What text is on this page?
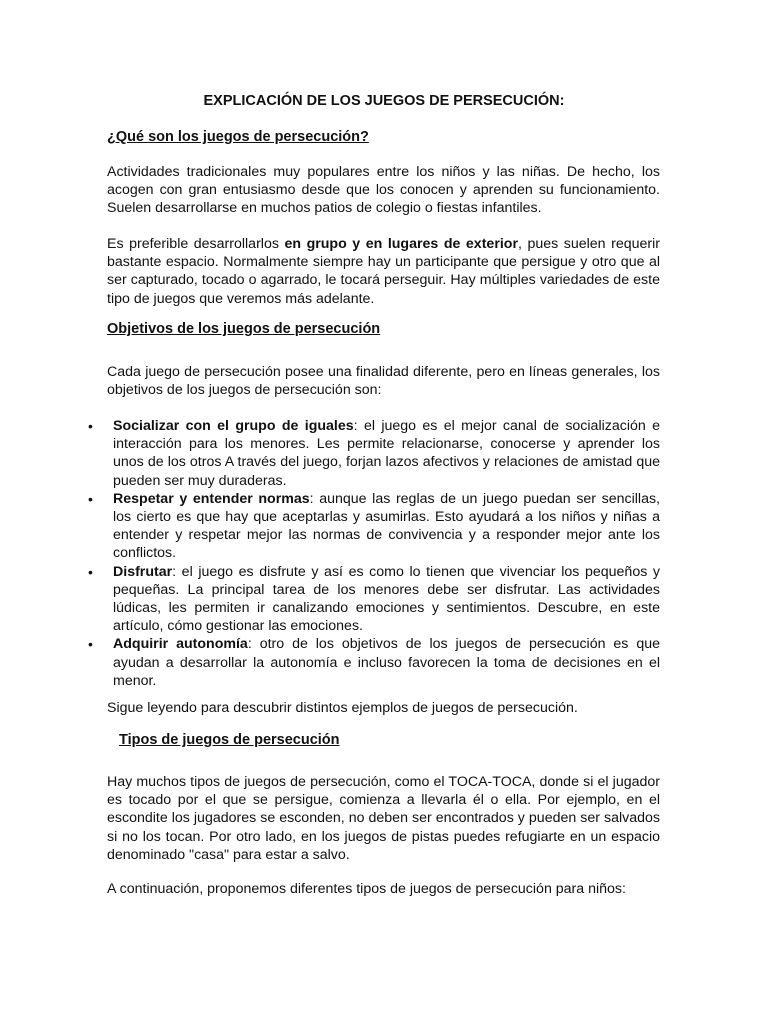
EXPLICACIÓN DE LOS JUEGOS DE PERSECUCIÓN:
¿Qué son los juegos de persecución?
Actividades tradicionales muy populares entre los niños y las niñas. De hecho, los acogen con gran entusiasmo desde que los conocen y aprenden su funcionamiento. Suelen desarrollarse en muchos patios de colegio o fiestas infantiles.
Es preferible desarrollarlos en grupo y en lugares de exterior, pues suelen requerir bastante espacio. Normalmente siempre hay un participante que persigue y otro que al ser capturado, tocado o agarrado, le tocará perseguir. Hay múltiples variedades de este tipo de juegos que veremos más adelante.
Objetivos de los juegos de persecución
Cada juego de persecución posee una finalidad diferente, pero en líneas generales, los objetivos de los juegos de persecución son:
• Socializar con el grupo de iguales: el juego es el mejor canal de socialización e interacción para los menores. Les permite relacionarse, conocerse y aprender los unos de los otros A través del juego, forjan lazos afectivos y relaciones de amistad que pueden ser muy duraderas.
• Respetar y entender normas: aunque las reglas de un juego puedan ser sencillas, los cierto es que hay que aceptarlas y asumirlas. Esto ayudará a los niños y niñas a entender y respetar mejor las normas de convivencia y a responder mejor ante los conflictos.
• Disfrutar: el juego es disfrute y así es como lo tienen que vivenciar los pequeños y pequeñas. La principal tarea de los menores debe ser disfrutar. Las actividades lúdicas, les permiten ir canalizando emociones y sentimientos. Descubre, en este artículo, cómo gestionar las emociones.
• Adquirir autonomía: otro de los objetivos de los juegos de persecución es que ayudan a desarrollar la autonomía e incluso favorecen la toma de decisiones en el menor.
Sigue leyendo para descubrir distintos ejemplos de juegos de persecución.
Tipos de juegos de persecución
Hay muchos tipos de juegos de persecución, como el TOCA-TOCA, donde si el jugador es tocado por el que se persigue, comienza a llevarla él o ella. Por ejemplo, en el escondite los jugadores se esconden, no deben ser encontrados y pueden ser salvados si no los tocan. Por otro lado, en los juegos de pistas puedes refugiarte en un espacio denominado "casa" para estar a salvo.
A continuación, proponemos diferentes tipos de juegos de persecución para niños:
